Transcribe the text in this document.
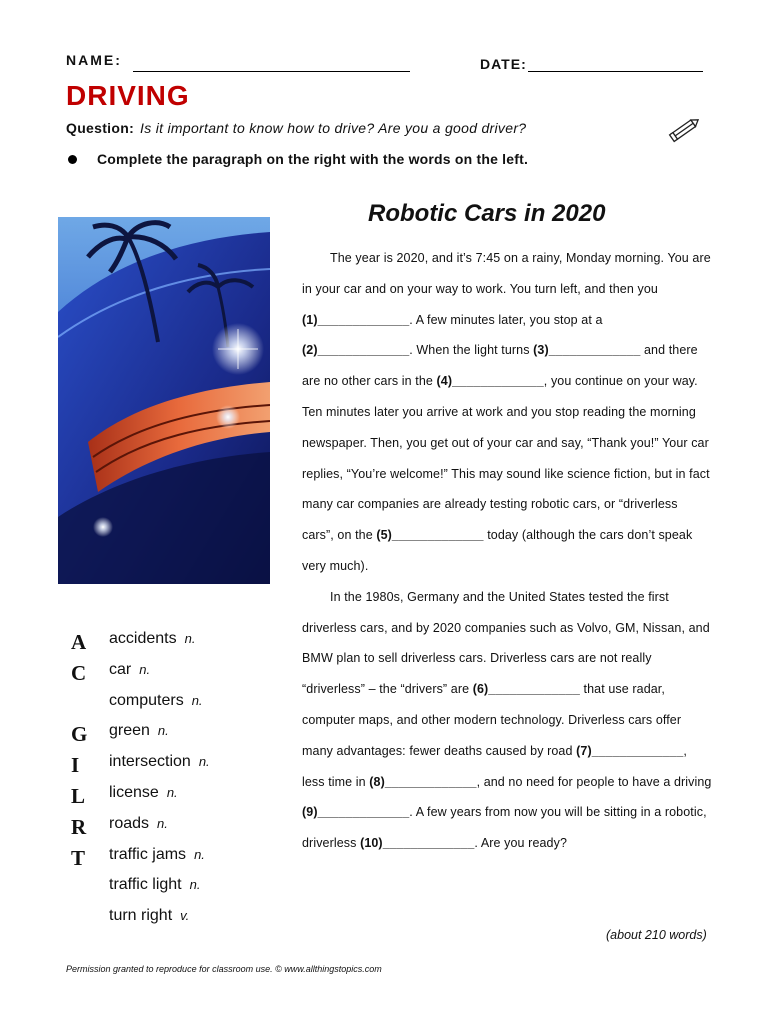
NAME:	DATE:
DRIVING
Question: Is it important to know how to drive? Are you a good driver?
Complete the paragraph on the right with the words on the left.
Robotic Cars in 2020

The year is 2020, and it’s 7:45 on a rainy, Monday morning. You are in your car and on your way to work. You turn left, and then you (1)_____________. A few minutes later, you stop at a (2)_____________. When the light turns (3)_____________ and there are no other cars in the (4)_____________, you continue on your way. Ten minutes later you arrive at work and you stop reading the morning newspaper. Then, you get out of your car and say, “Thank you!” Your car replies, “You’re welcome!” This may sound like science fiction, but in fact many car companies are already testing robotic cars, or “driverless cars”, on the (5)_____________ today (although the cars don’t speak very much).

In the 1980s, Germany and the United States tested the first driverless cars, and by 2020 companies such as Volvo, GM, Nissan, and BMW plan to sell driverless cars. Driverless cars are not really “driverless” – the “drivers” are (6)_____________ that use radar, computer maps, and other modern technology. Driverless cars offer many advantages: fewer deaths caused by road (7)_____________, less time in (8)_____________, and no need for people to have a driving (9)_____________. A few years from now you will be sitting in a robotic, driverless (10)_____________. Are you ready?

(about 210 words)
A
C
G
I
L
R
T
accidents n.
car n.
computers n.
green n.
intersection n.
license n.
roads n.
traffic jams n.
traffic light n.
turn right v.
Permission granted to reproduce for classroom use. © www.allthingstopics.com
